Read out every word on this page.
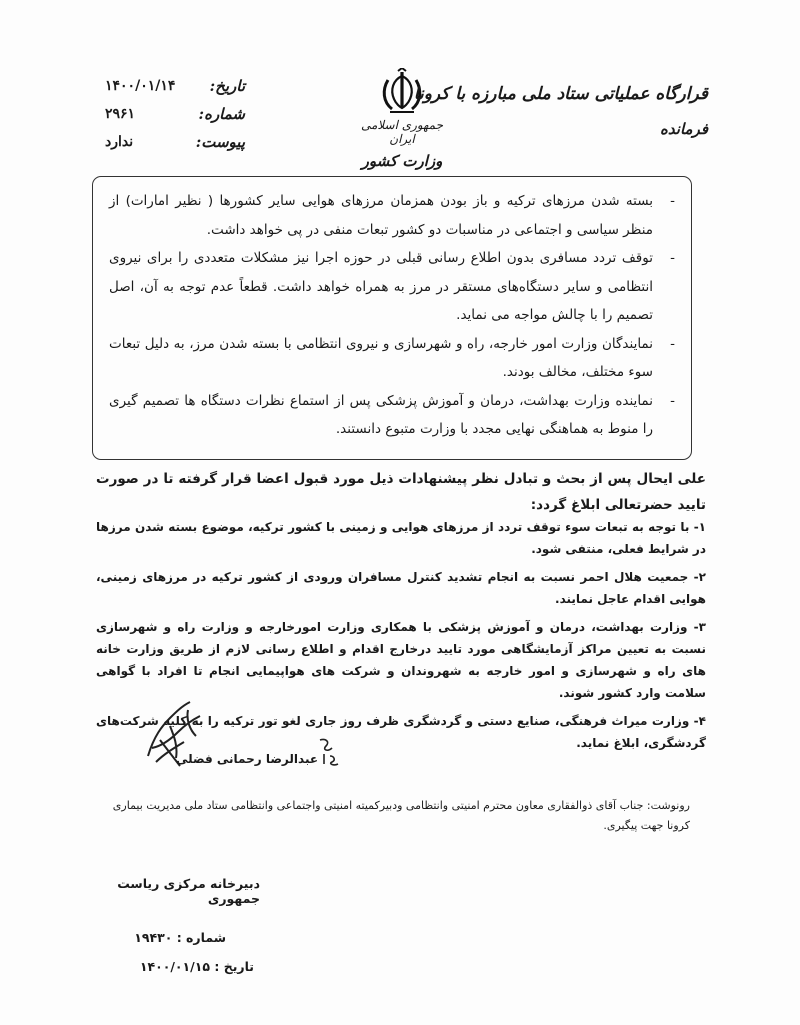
تاریخ:
۱۴۰۰/۰۱/۱۴
شماره:
۲۹۶۱
پیوست:
ندارد
جمهوری اسلامی ایران
وزارت کشور
قرارگاه عملیاتی ستاد ملی مبارزه با کرونا
فرمانده
-
بسته شدن مرزهای ترکیه و باز بودن همزمان مرزهای هوایی سایر کشورها ( نظیر امارات) از منظر سیاسی و اجتماعی در مناسبات دو کشور تبعات منفی در پی خواهد داشت.
-
توقف تردد مسافری بدون اطلاع رسانی قبلی در حوزه اجرا نیز مشکلات متعددی را برای نیروی انتظامی و سایر دستگاه‌های مستقر در مرز به همراه خواهد داشت. قطعاً عدم توجه به آن، اصل تصمیم را با چالش مواجه می نماید.
-
نمایندگان وزارت امور خارجه، راه و شهرسازی و نیروی انتظامی با بسته شدن مرز، به دلیل تبعات سوء مختلف، مخالف بودند.
-
نماینده وزارت بهداشت، درمان و آموزش پزشکی پس از استماع نظرات دستگاه ها تصمیم گیری را منوط به هماهنگی نهایی مجدد با وزارت متبوع دانستند.
علی ایحال پس از بحث و تبادل نظر پیشنهادات ذیل مورد قبول اعضا قرار گرفته تا در صورت تایید حضرتعالی ابلاغ گردد:
۱- با توجه به تبعات سوء توقف تردد از مرزهای هوایی و زمینی با کشور ترکیه، موضوع بسته شدن مرزها در شرایط فعلی، منتفی شود.
۲- جمعیت هلال احمر نسبت به انجام تشدید کنترل مسافران ورودی از کشور ترکیه در مرزهای زمینی، هوایی اقدام عاجل نمایند.
۳- وزارت بهداشت، درمان و آموزش پزشکی با همکاری وزارت امورخارجه و وزارت راه و شهرسازی نسبت به تعیین مراکز آزمایشگاهی مورد تایید درخارج اقدام و اطلاع رسانی لازم از طریق وزارت خانه های راه و شهرسازی و امور خارجه به شهروندان و شرکت های هواپیمایی انجام تا افراد با گواهی سلامت وارد کشور شوند.
۴- وزارت میراث فرهنگی، صنایع دستی و گردشگری ظرف روز جاری لغو تور ترکیه را به کلیه شرکت‌های گردشگری، ابلاغ نماید.
عبدالرضا رحمانی فضلی
رونوشت: جناب آقای ذوالفقاری معاون محترم امنیتی وانتظامی ودبیرکمیته امنیتی واجتماعی وانتظامی ستاد ملی مدیریت بیماری کرونا جهت پیگیری.
دبیرخانه مرکزی ریاست جمهوری
شماره : ۱۹۴۳۰
تاریخ : ۱۴۰۰/۰۱/۱۵
